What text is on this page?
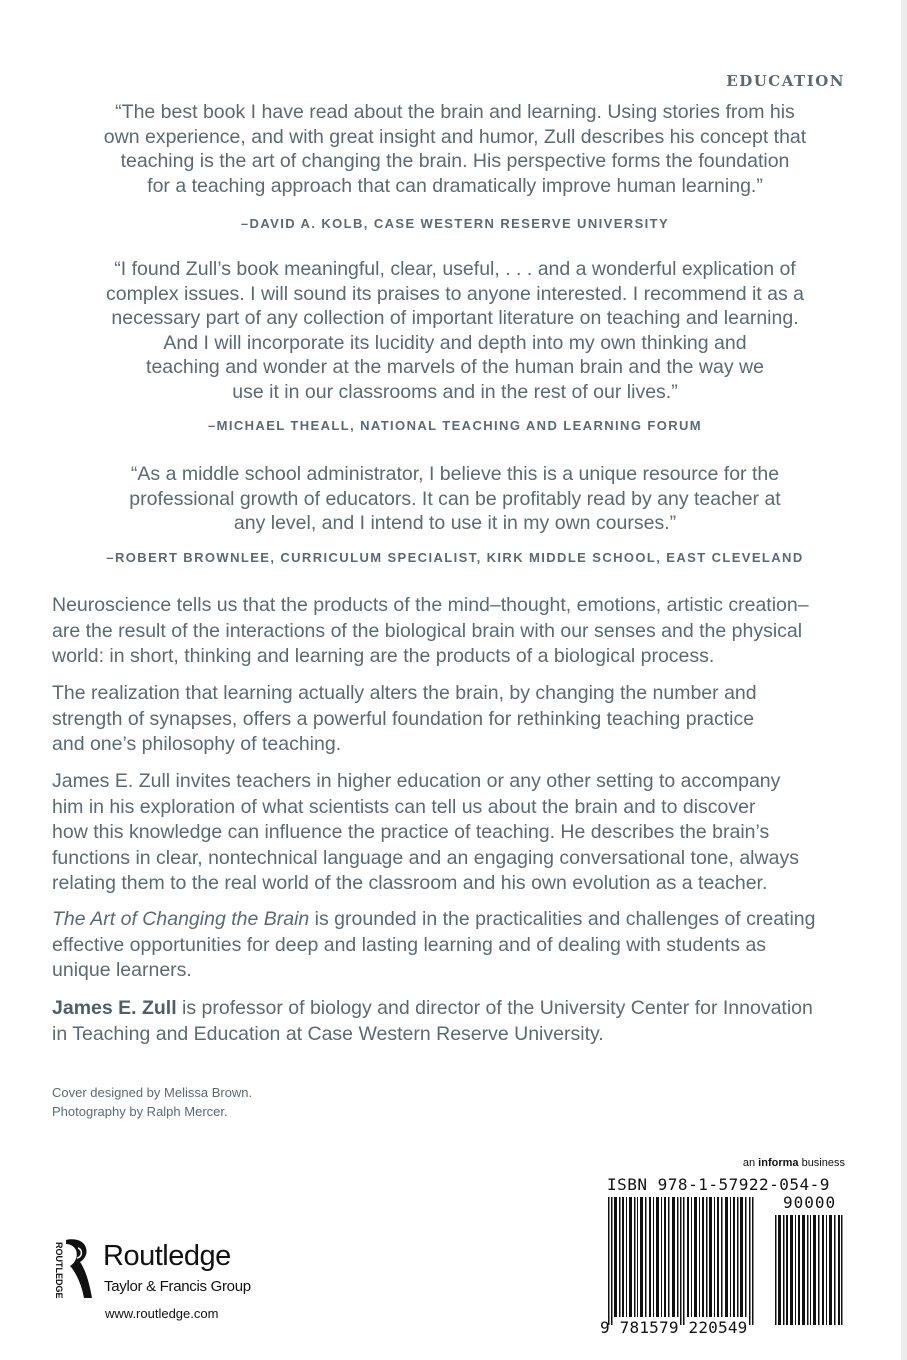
EDUCATION
“The best book I have read about the brain and learning. Using stories from his
own experience, and with great insight and humor, Zull describes his concept that
teaching is the art of changing the brain. His perspective forms the foundation
for a teaching approach that can dramatically improve human learning.”
–DAVID A. KOLB, CASE WESTERN RESERVE UNIVERSITY
“I found Zull’s book meaningful, clear, useful, . . . and a wonderful explication of
complex issues. I will sound its praises to anyone interested. I recommend it as a
necessary part of any collection of important literature on teaching and learning.
And I will incorporate its lucidity and depth into my own thinking and
teaching and wonder at the marvels of the human brain and the way we
use it in our classrooms and in the rest of our lives.”
–MICHAEL THEALL, NATIONAL TEACHING AND LEARNING FORUM
“As a middle school administrator, I believe this is a unique resource for the
professional growth of educators. It can be profitably read by any teacher at
any level, and I intend to use it in my own courses.”
–ROBERT BROWNLEE, CURRICULUM SPECIALIST, KIRK MIDDLE SCHOOL, EAST CLEVELAND
Neuroscience tells us that the products of the mind–thought, emotions, artistic creation–
are the result of the interactions of the biological brain with our senses and the physical
world: in short, thinking and learning are the products of a biological process.
The realization that learning actually alters the brain, by changing the number and
strength of synapses, offers a powerful foundation for rethinking teaching practice
and one’s philosophy of teaching.
James E. Zull invites teachers in higher education or any other setting to accompany
him in his exploration of what scientists can tell us about the brain and to discover
how this knowledge can influence the practice of teaching. He describes the brain’s
functions in clear, nontechnical language and an engaging conversational tone, always
relating them to the real world of the classroom and his own evolution as a teacher.
The Art of Changing the Brain is grounded in the practicalities and challenges of creating
effective opportunities for deep and lasting learning and of dealing with students as
unique learners.
James E. Zull is professor of biology and director of the University Center for Innovation
in Teaching and Education at Case Western Reserve University.
Cover designed by Melissa Brown.
Photography by Ralph Mercer.
ROUTLEDGE Routledge
Taylor & Francis Group
www.routledge.com
an informa business
ISBN 978-1-57922-054-9
90000
9 781579 220549
